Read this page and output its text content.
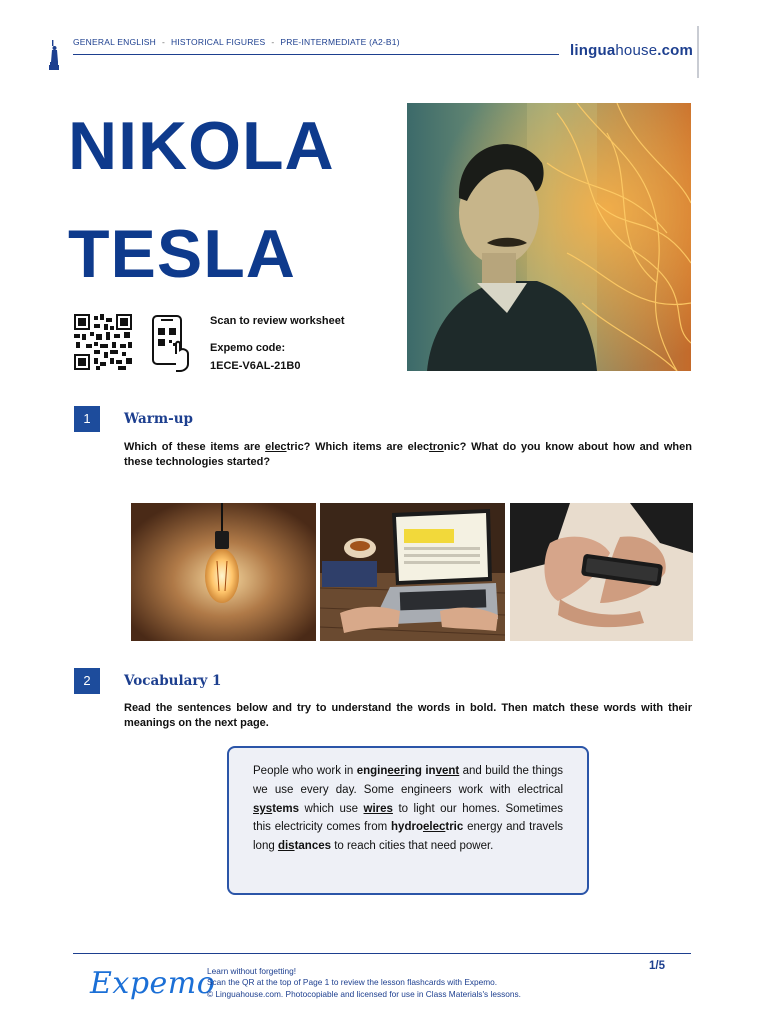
GENERAL ENGLISH - HISTORICAL FIGURES - PRE-INTERMEDIATE (A2-B1)	linguahouse.com
NIKOLA
TESLA
Scan to review worksheet
Expemo code:
1ECE-V6AL-21B0
1	Warm-up
Which of these items are electric? Which items are electronic? What do you know about how and when these technologies started?
2	Vocabulary 1
Read the sentences below and try to understand the words in bold. Then match these words with their meanings on the next page.
People who work in engineering invent and build the things we use every day. Some engineers work with electrical systems which use wires to light our homes. Sometimes this electricity comes from hydroelectric energy and travels long distances to reach cities that need power.
Expemo
Learn without forgetting!
Scan the QR at the top of Page 1 to review the lesson flashcards with Expemo.
© Linguahouse.com. Photocopiable and licensed for use in Class Materials's lessons.
1/5
